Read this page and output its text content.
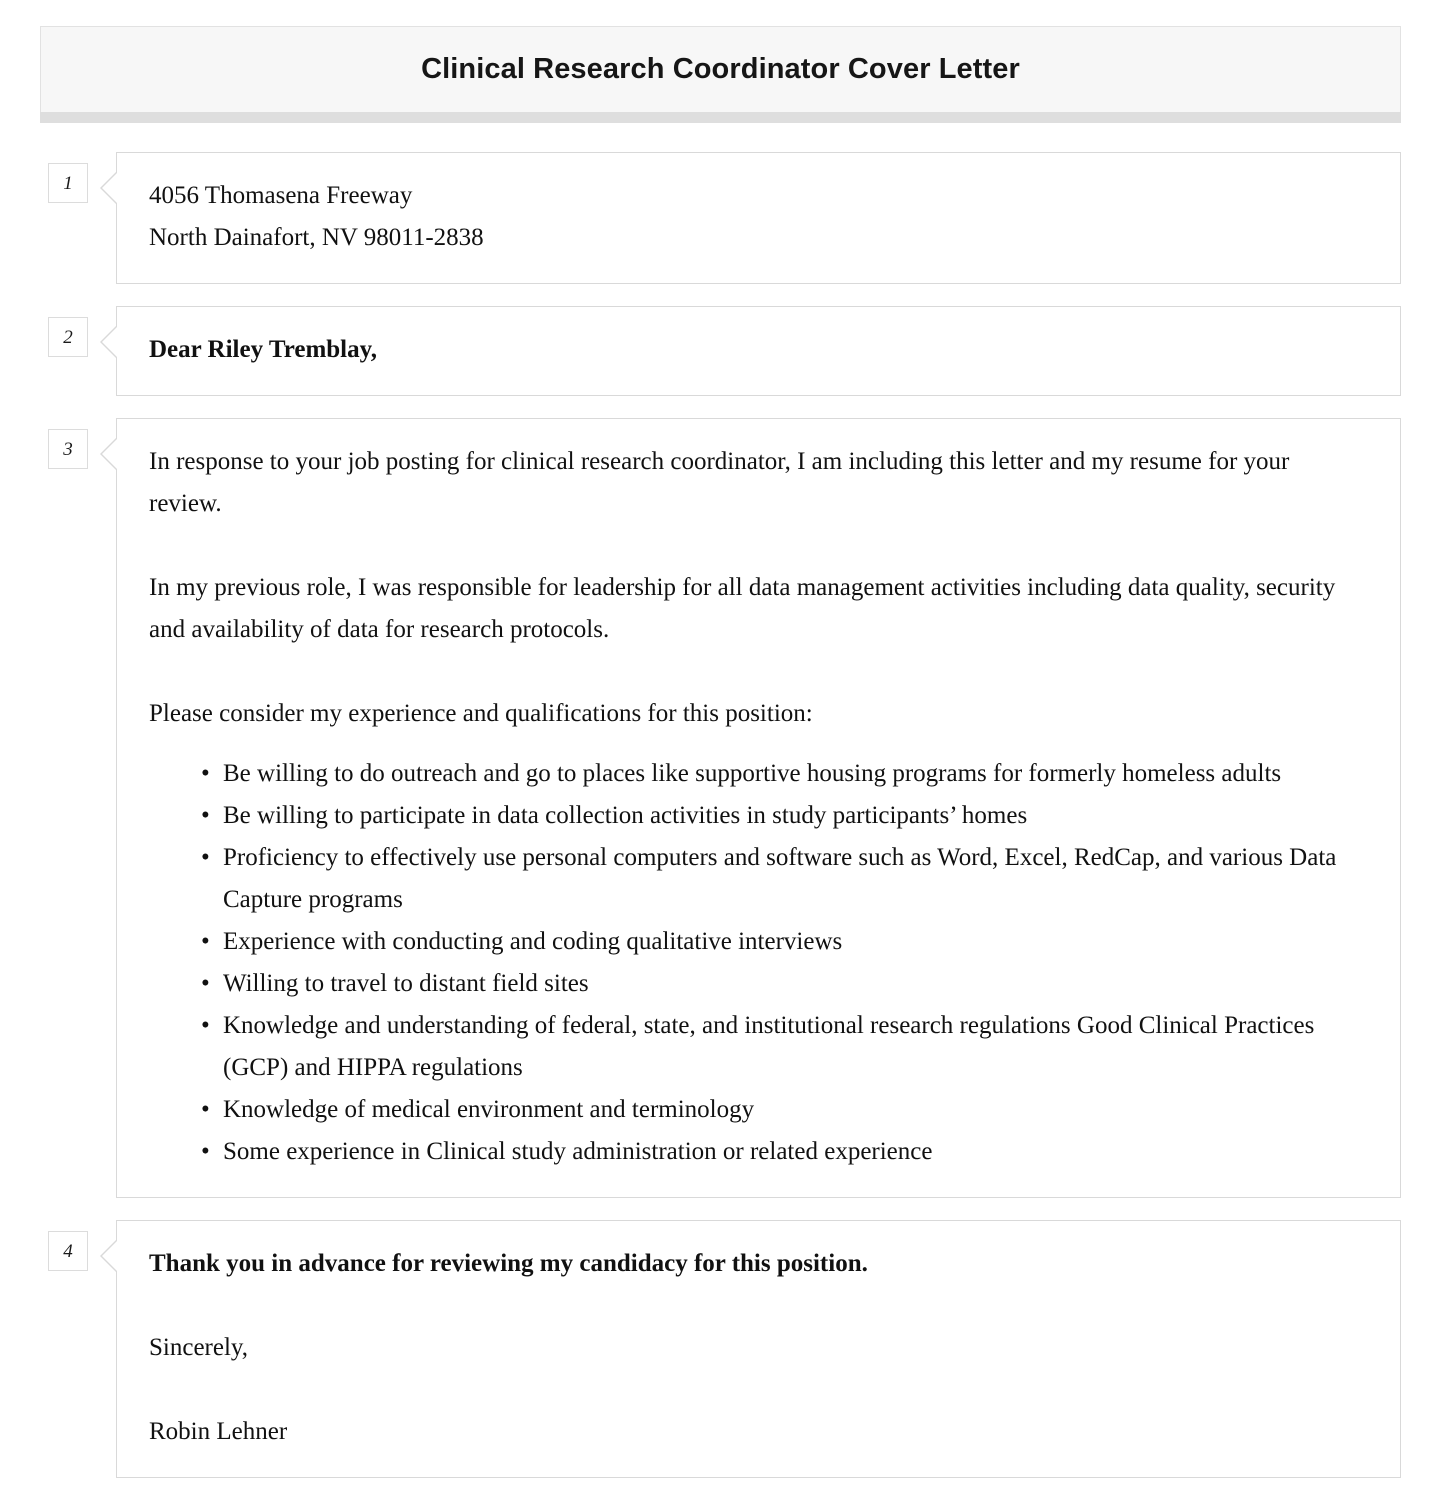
Clinical Research Coordinator Cover Letter
1	4056 Thomasena Freeway
North Dainafort, NV 98011-2838

2	Dear Riley Tremblay,

3	In response to your job posting for clinical research coordinator, I am including this letter and my resume for your review.

In my previous role, I was responsible for leadership for all data management activities including data quality, security and availability of data for research protocols.

Please consider my experience and qualifications for this position:

• Be willing to do outreach and go to places like supportive housing programs for formerly homeless adults
• Be willing to participate in data collection activities in study participants’ homes
• Proficiency to effectively use personal computers and software such as Word, Excel, RedCap, and various Data Capture programs
• Experience with conducting and coding qualitative interviews
• Willing to travel to distant field sites
• Knowledge and understanding of federal, state, and institutional research regulations Good Clinical Practices (GCP) and HIPPA regulations
• Knowledge of medical environment and terminology
• Some experience in Clinical study administration or related experience
4	Thank you in advance for reviewing my candidacy for this position.

Sincerely,

Robin Lehner
